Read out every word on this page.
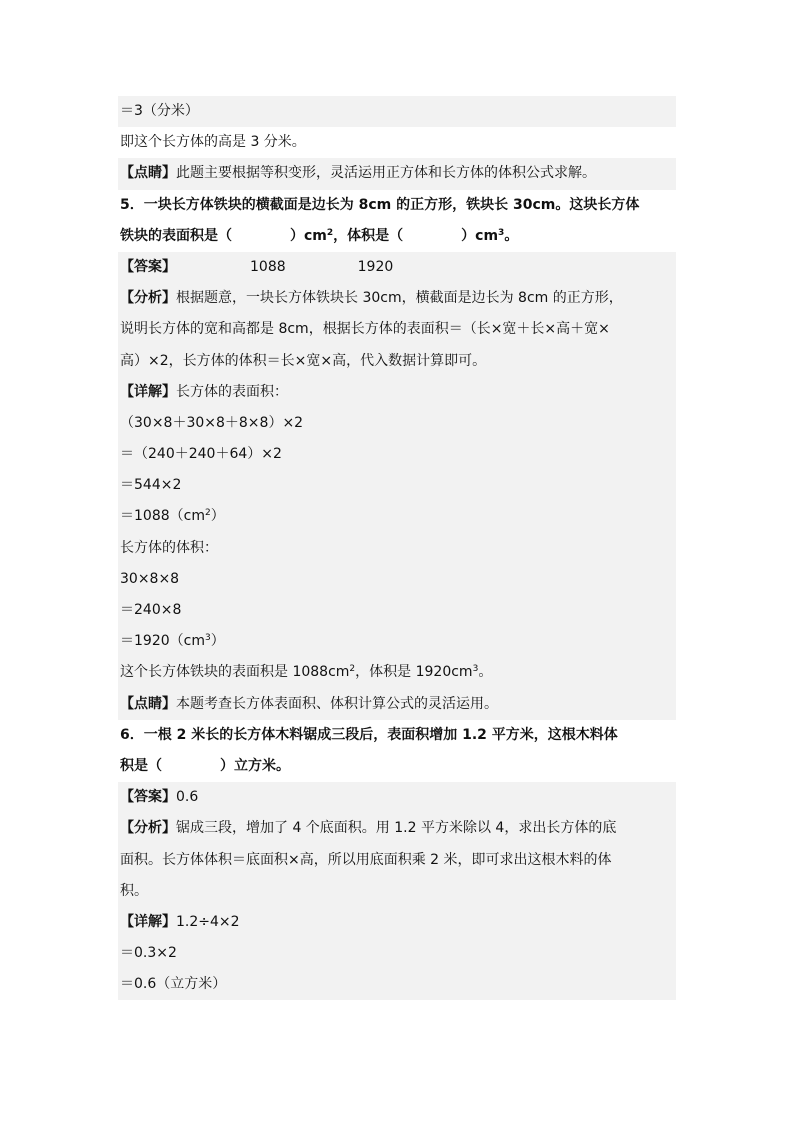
＝3（分米）
即这个长方体的高是 3 分米。
【点睛】此题主要根据等积变形，灵活运用正方体和长方体的体积公式求解。
5．一块长方体铁块的横截面是边长为 8cm 的正方形，铁块长 30cm。这块长方体
铁块的表面积是（	）$cm^2$，体积是（	）$cm^3$。
【答案】	1088	1920
【分析】根据题意，一块长方体铁块长 30cm，横截面是边长为 8cm 的正方形，
说明长方体的宽和高都是 8cm，根据长方体的表面积＝（长×宽＋长×高＋宽×
高）×2，长方体的体积＝长×宽×高，代入数据计算即可。
【详解】长方体的表面积：
（30×8＋30×8＋8×8）×2
＝（240＋240＋64）×2
＝544×2
$=1088(cm^2)$
长方体的体积：
30×8×8
＝240×8
$=1920(cm^3)$
这个长方体铁块的表面积是 $1088cm^2$，体积是 $1920cm^3$。
【点睛】本题考查长方体表面积、体积计算公式的灵活运用。
6．一根 2 米长的长方体木料锯成三段后，表面积增加 1.2 平方米，这根木料体
积是（	）立方米。
【答案】0.6
【分析】锯成三段，增加了 4 个底面积。用 1.2 平方米除以 4，求出长方体的底
面积。长方体体积＝底面积×高，所以用底面积乘 2 米，即可求出这根木料的体
积。
【详解】1.2÷4×2
＝0.3×2
＝0.6（立方米）
